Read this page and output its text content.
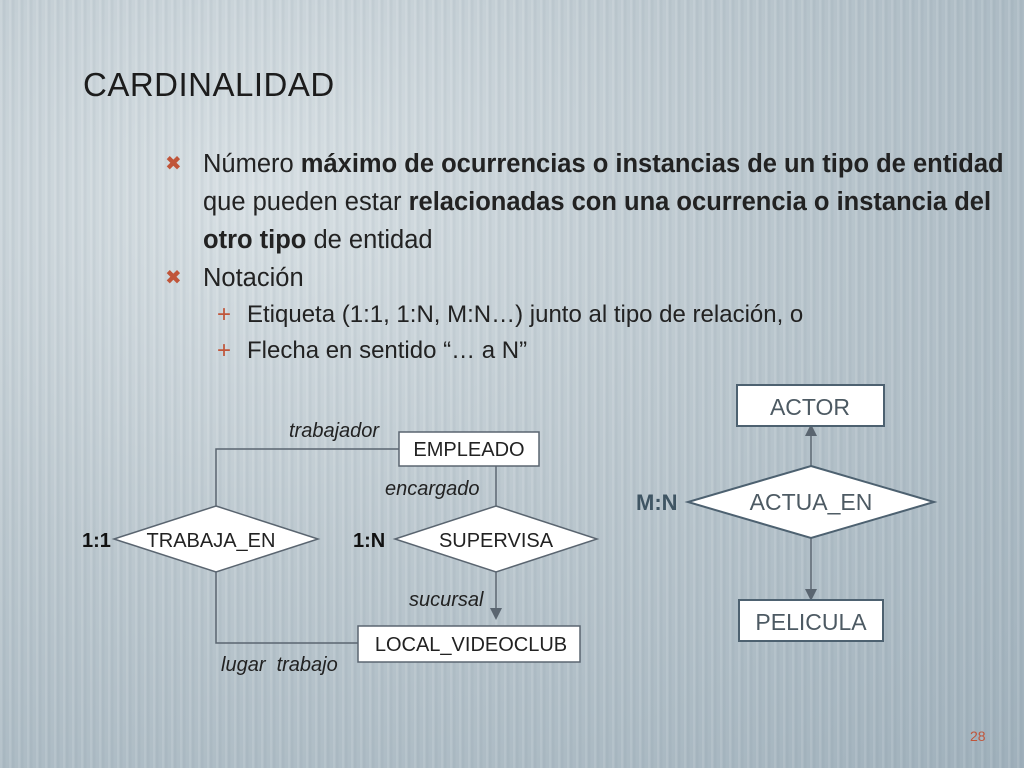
CARDINALIDAD
✖ Número máximo de ocurrencias o instancias de un tipo de entidad que pueden estar relacionadas con una ocurrencia o instancia del otro tipo de entidad
✖ Notación
+ Etiqueta (1:1, 1:N, M:N…) junto al tipo de relación, o
+ Flecha en sentido “… a N”
EMPLEADO
LOCAL_VIDEOCLUB
TRABAJA_EN	SUPERVISA
1:1	1:N
trabajador
encargado
sucursal
lugar  trabajo
ACTOR
ACTUA_EN
PELICULA
M:N
28
